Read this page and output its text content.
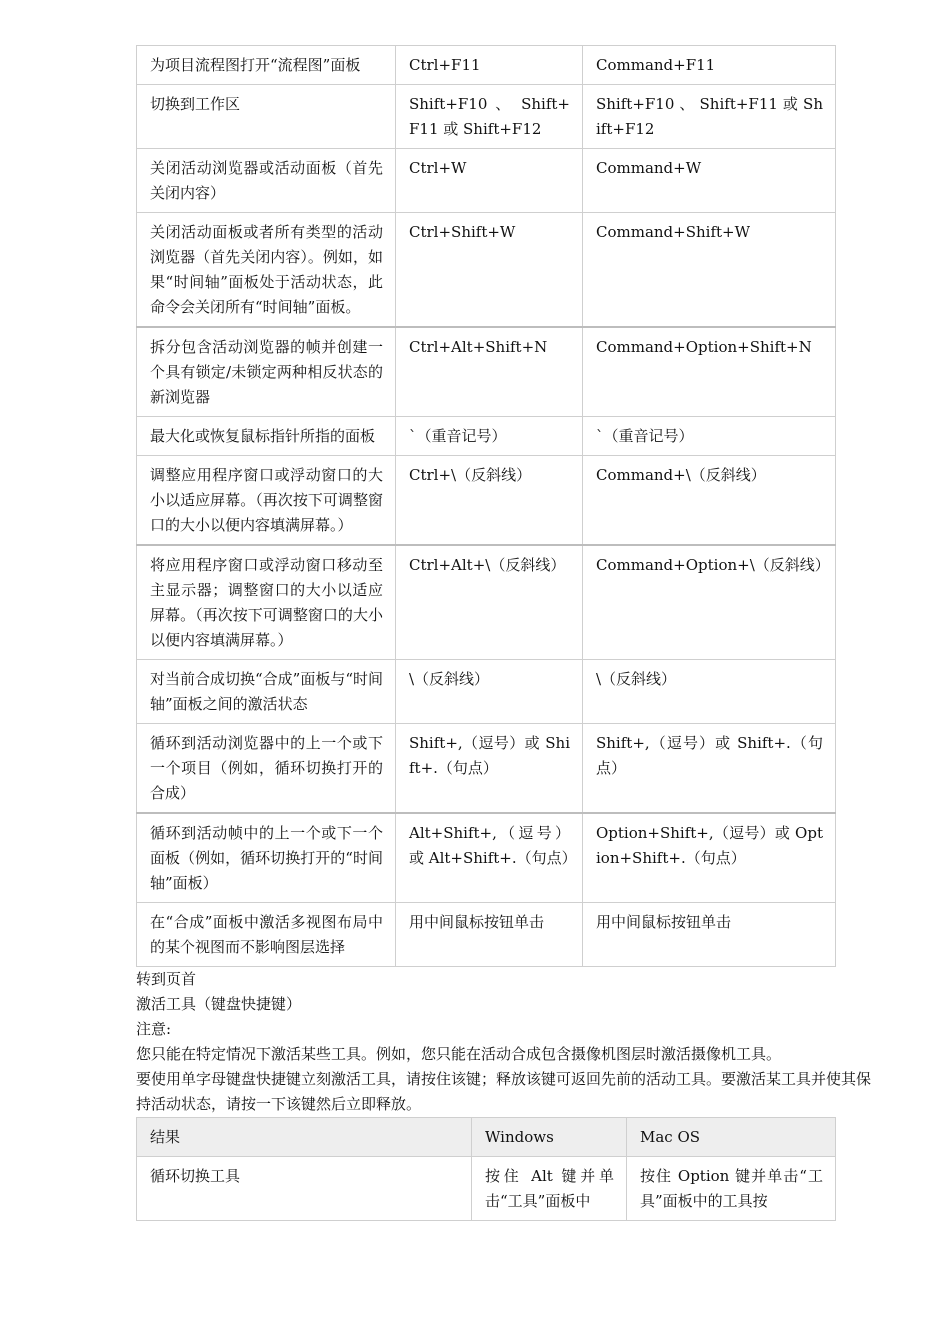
为项目流程图打开“流程图”面板	Ctrl+F11	Command+F11
切换到工作区	Shift+F10 、 Shift+F11 或 Shift+F12	Shift+F10 、 Shift+F11 或 Shift+F12
关闭活动浏览器或活动面板（首先关闭内容）	Ctrl+W	Command+W
关闭活动面板或者所有类型的活动浏览器（首先关闭内容）。例如，如果“时间轴”面板处于活动状态，此命令会关闭所有“时间轴”面板。	Ctrl+Shift+W	Command+Shift+W
拆分包含活动浏览器的帧并创建一个具有锁定/未锁定两种相反状态的新浏览器	Ctrl+Alt+Shift+N	Command+Option+Shift+N
最大化或恢复鼠标指针所指的面板	`（重音记号）	`（重音记号）
调整应用程序窗口或浮动窗口的大小以适应屏幕。（再次按下可调整窗口的大小以便内容填满屏幕。）	Ctrl+\（反斜线）	Command+\（反斜线）
将应用程序窗口或浮动窗口移动至主显示器；调整窗口的大小以适应屏幕。（再次按下可调整窗口的大小以便内容填满屏幕。）	Ctrl+Alt+\（反斜线）	Command+Option+\（反斜线）
对当前合成切换“合成”面板与“时间轴”面板之间的激活状态	\（反斜线）	\（反斜线）
循环到活动浏览器中的上一个或下一个项目（例如，循环切换打开的合成）	Shift+,（逗号）或 Shift+.（句点）	Shift+,（逗号）或 Shift+.（句点）
循环到活动帧中的上一个或下一个面板（例如，循环切换打开的“时间轴”面板）	Alt+Shift+,（逗号）或 Alt+Shift+.（句点）	Option+Shift+,（逗号）或 Option+Shift+.（句点）
在“合成”面板中激活多视图布局中的某个视图而不影响图层选择	用中间鼠标按钮单击	用中间鼠标按钮单击
转到页首
激活工具（键盘快捷键）
注意:
您只能在特定情况下激活某些工具。例如，您只能在活动合成包含摄像机图层时激活摄像机工具。
要使用单字母键盘快捷键立刻激活工具，请按住该键；释放该键可返回先前的活动工具。要激活某工具并使其保持活动状态，请按一下该键然后立即释放。
结果	Windows	Mac OS
循环切换工具	按住 Alt 键并单击“工具”面板中	按住 Option 键并单击“工具”面板中的工具按
